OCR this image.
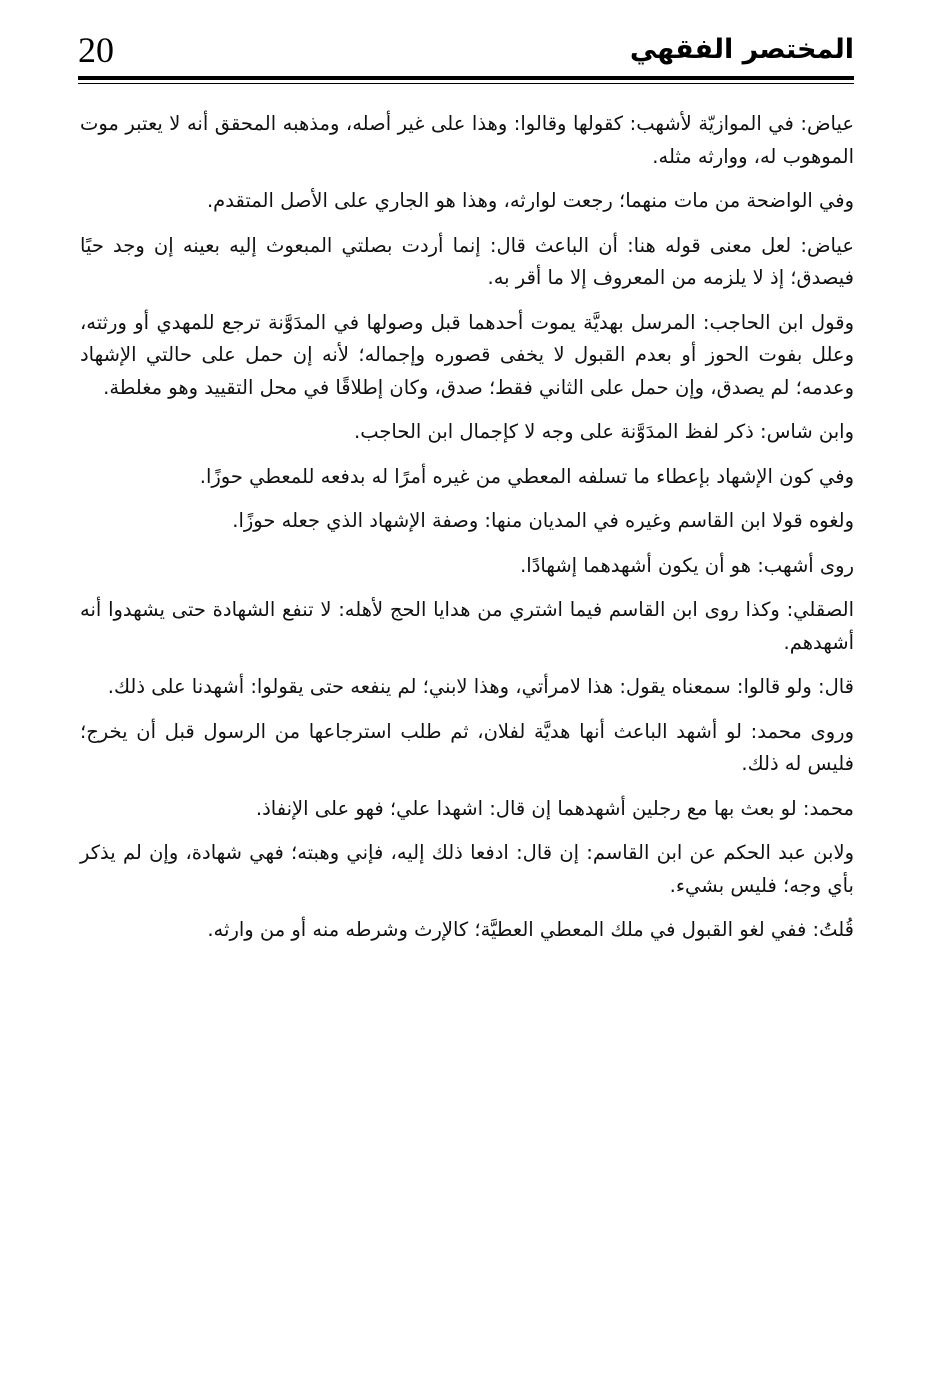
20	المختصر الفقهي

عياض: في الموازيّة لأشهب: كقولها وقالوا: وهذا على غير أصله، ومذهبه المحقق أنه لا يعتبر موت الموهوب له، ووارثه مثله.

وفي الواضحة من مات منهما؛ رجعت لوارثه، وهذا هو الجاري على الأصل المتقدم.

عياض: لعل معنى قوله هنا: أن الباعث قال: إنما أردت بصلتي المبعوث إليه بعينه إن وجد حيًا فيصدق؛ إذ لا يلزمه من المعروف إلا ما أقر به.

وقول ابن الحاجب: المرسل بهديَّة يموت أحدهما قبل وصولها في المدَوَّنة ترجع للمهدي أو ورثته، وعلل بفوت الحوز أو بعدم القبول لا يخفى قصوره وإجماله؛ لأنه إن حمل على حالتي الإشهاد وعدمه؛ لم يصدق، وإن حمل على الثاني فقط؛ صدق، وكان إطلاقًا في محل التقييد وهو مغلطة.

وابن شاس: ذكر لفظ المدَوَّنة على وجه لا كإجمال ابن الحاجب.

وفي كون الإشهاد بإعطاء ما تسلفه المعطي من غيره أمرًا له بدفعه للمعطي حوزًا.

ولغوه قولا ابن القاسم وغيره في المديان منها: وصفة الإشهاد الذي جعله حوزًا.

روى أشهب: هو أن يكون أشهدهما إشهادًا.

الصقلي: وكذا روى ابن القاسم فيما اشتري من هدايا الحج لأهله: لا تنفع الشهادة حتى يشهدوا أنه أشهدهم.

قال: ولو قالوا: سمعناه يقول: هذا لامرأتي، وهذا لابني؛ لم ينفعه حتى يقولوا: أشهدنا على ذلك.

وروى محمد: لو أشهد الباعث أنها هديَّة لفلان، ثم طلب استرجاعها من الرسول قبل أن يخرج؛ فليس له ذلك.

محمد: لو بعث بها مع رجلين أشهدهما إن قال: اشهدا علي؛ فهو على الإنفاذ.

ولابن عبد الحكم عن ابن القاسم: إن قال: ادفعا ذلك إليه، فإني وهبته؛ فهي شهادة، وإن لم يذكر بأي وجه؛ فليس بشيء.

قُلتُ: ففي لغو القبول في ملك المعطي العطيَّة؛ كالإرث وشرطه منه أو من وارثه.
